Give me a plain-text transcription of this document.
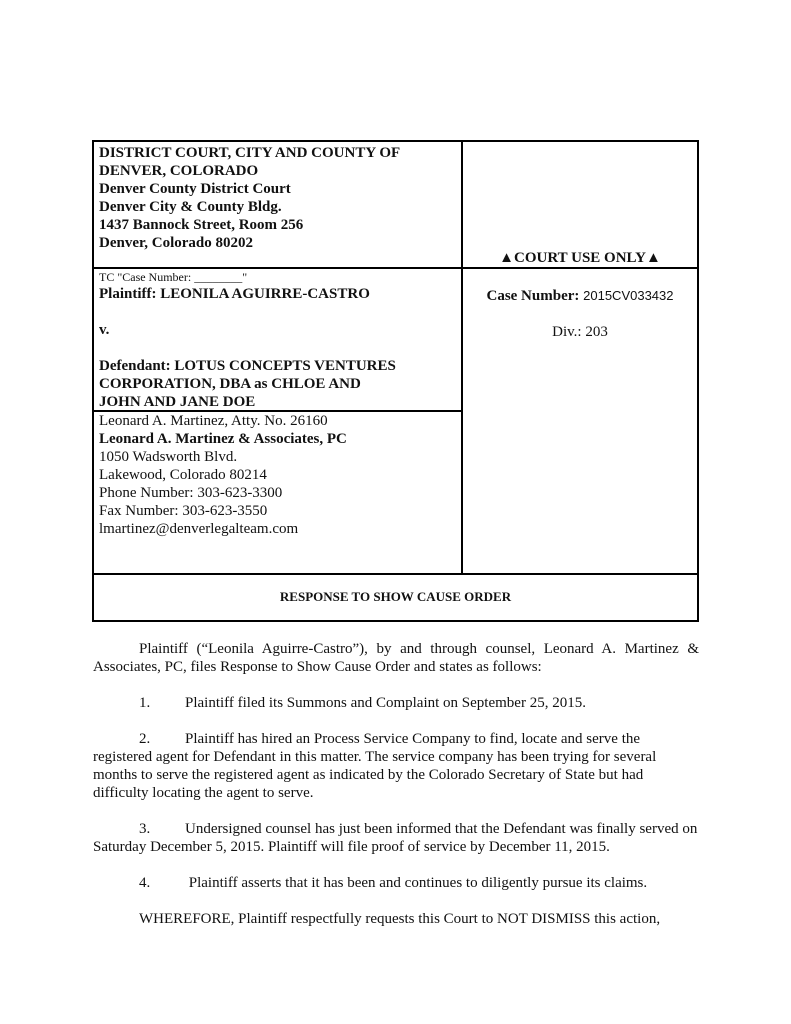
DISTRICT COURT, CITY AND COUNTY OF
DENVER, COLORADO
Denver County District Court
Denver City & County Bldg.
1437 Bannock Street, Room 256
Denver, Colorado 80202
▲COURT USE ONLY▲
TC "Case Number: ________"
Plaintiff: LEONILA AGUIRRE-CASTRO
v.
Defendant: LOTUS CONCEPTS VENTURES
CORPORATION, DBA as CHLOE AND
JOHN AND JANE DOE
Case Number: 2015CV033432
Div.: 203
Leonard A. Martinez, Atty. No. 26160
Leonard A. Martinez & Associates, PC
1050 Wadsworth Blvd.
Lakewood, Colorado 80214
Phone Number: 303-623-3300
Fax Number: 303-623-3550
lmartinez@denverlegalteam.com
RESPONSE TO SHOW CAUSE ORDER

Plaintiff (“Leonila Aguirre-Castro”), by and through counsel, Leonard A. Martinez & Associates, PC, files Response to Show Cause Order and states as follows:

1. Plaintiff filed its Summons and Complaint on September 25, 2015.

2. Plaintiff has hired an Process Service Company to find, locate and serve the registered agent for Defendant in this matter. The service company has been trying for several months to serve the registered agent as indicated by the Colorado Secretary of State but had difficulty locating the agent to serve.

3. Undersigned counsel has just been informed that the Defendant was finally served on Saturday December 5, 2015. Plaintiff will file proof of service by December 11, 2015.

4. Plaintiff asserts that it has been and continues to diligently pursue its claims.

WHEREFORE, Plaintiff respectfully requests this Court to NOT DISMISS this action,
